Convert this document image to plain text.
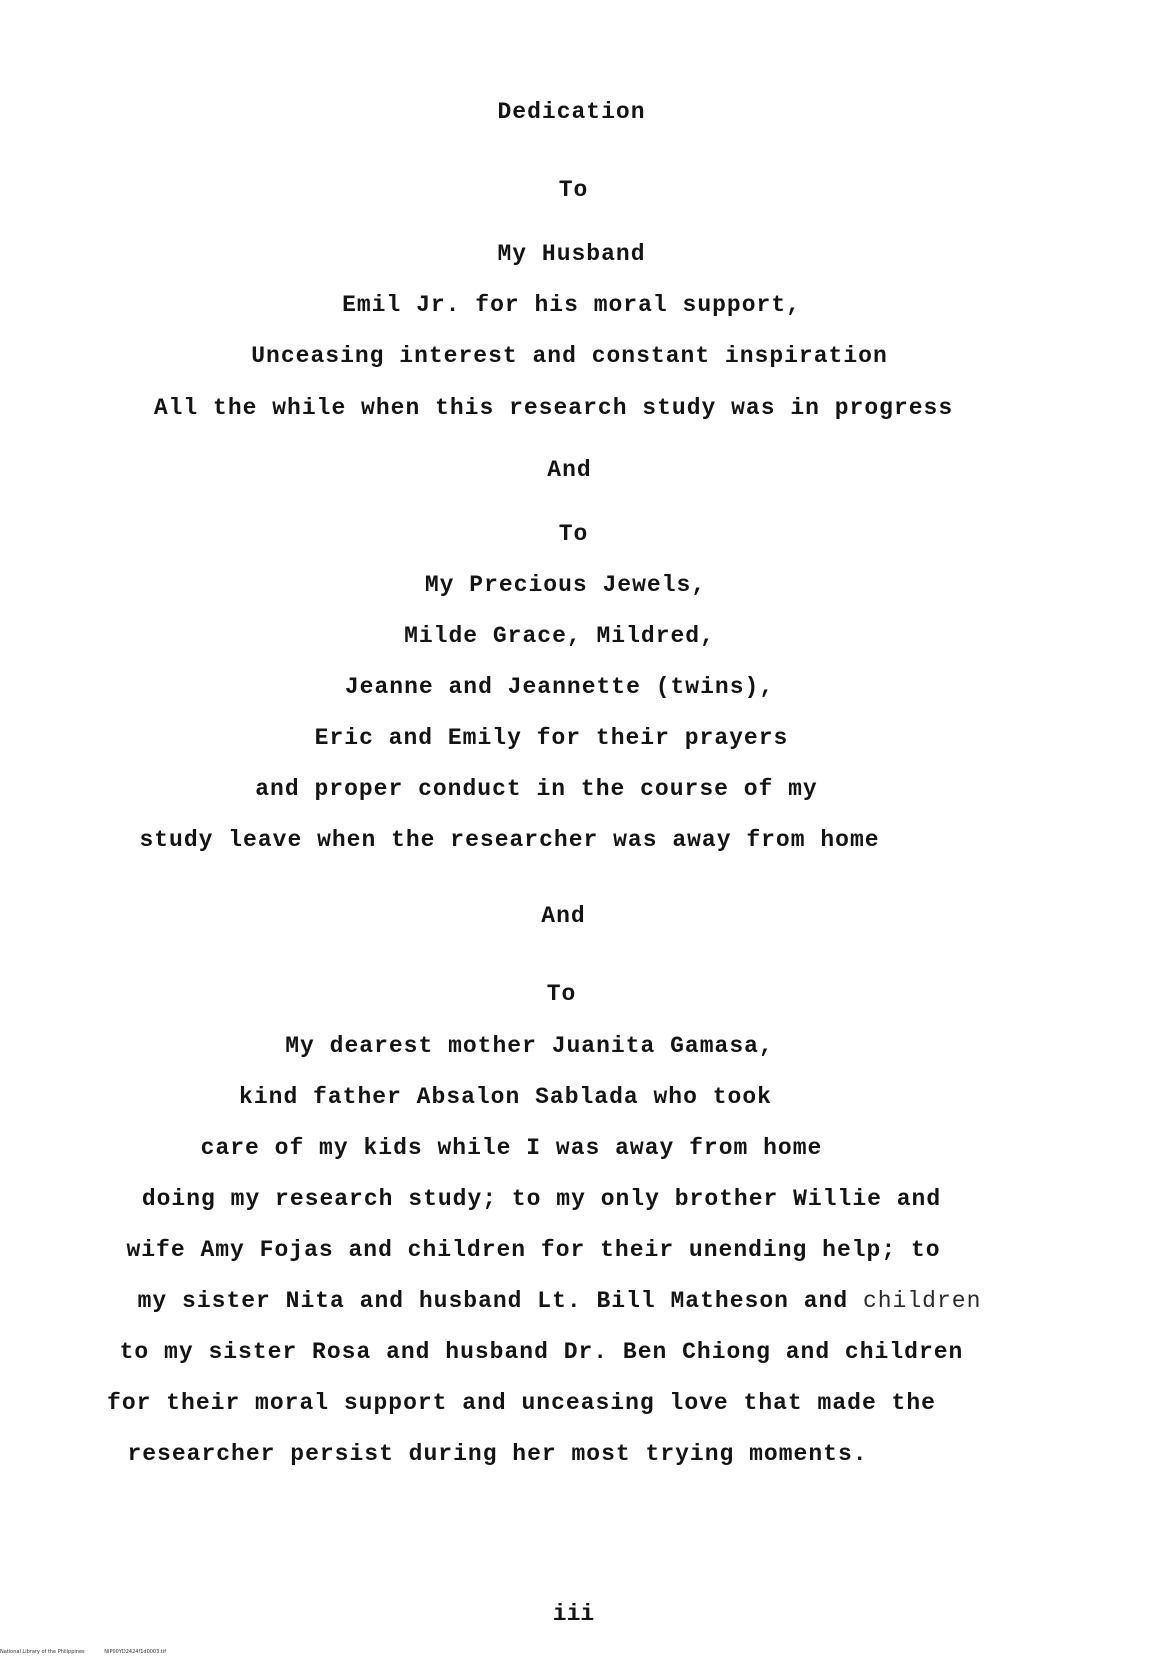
Dedication
To
My Husband
Emil Jr. for his moral support,
Unceasing interest and constant inspiration
All the while when this research study was in progress
And
To
My Precious Jewels,
Milde Grace, Mildred,
Jeanne and Jeannette (twins),
Eric and Emily for their prayers
and proper conduct in the course of my
study leave when the researcher was away from home
And
To
My dearest mother Juanita Gamasa,
kind father Absalon Sablada who took
care of my kids while I was away from home
doing my research study; to my only brother Willie and
wife Amy Fojas and children for their unending help; to
my sister Nita and husband Lt. Bill Matheson and children
to my sister Rosa and husband Dr. Ben Chiong and children
for their moral support and unceasing love that made the
researcher persist during her most trying moments.
iii
National Library of the Philippines	NIP00YD2424f1d0003.tif
